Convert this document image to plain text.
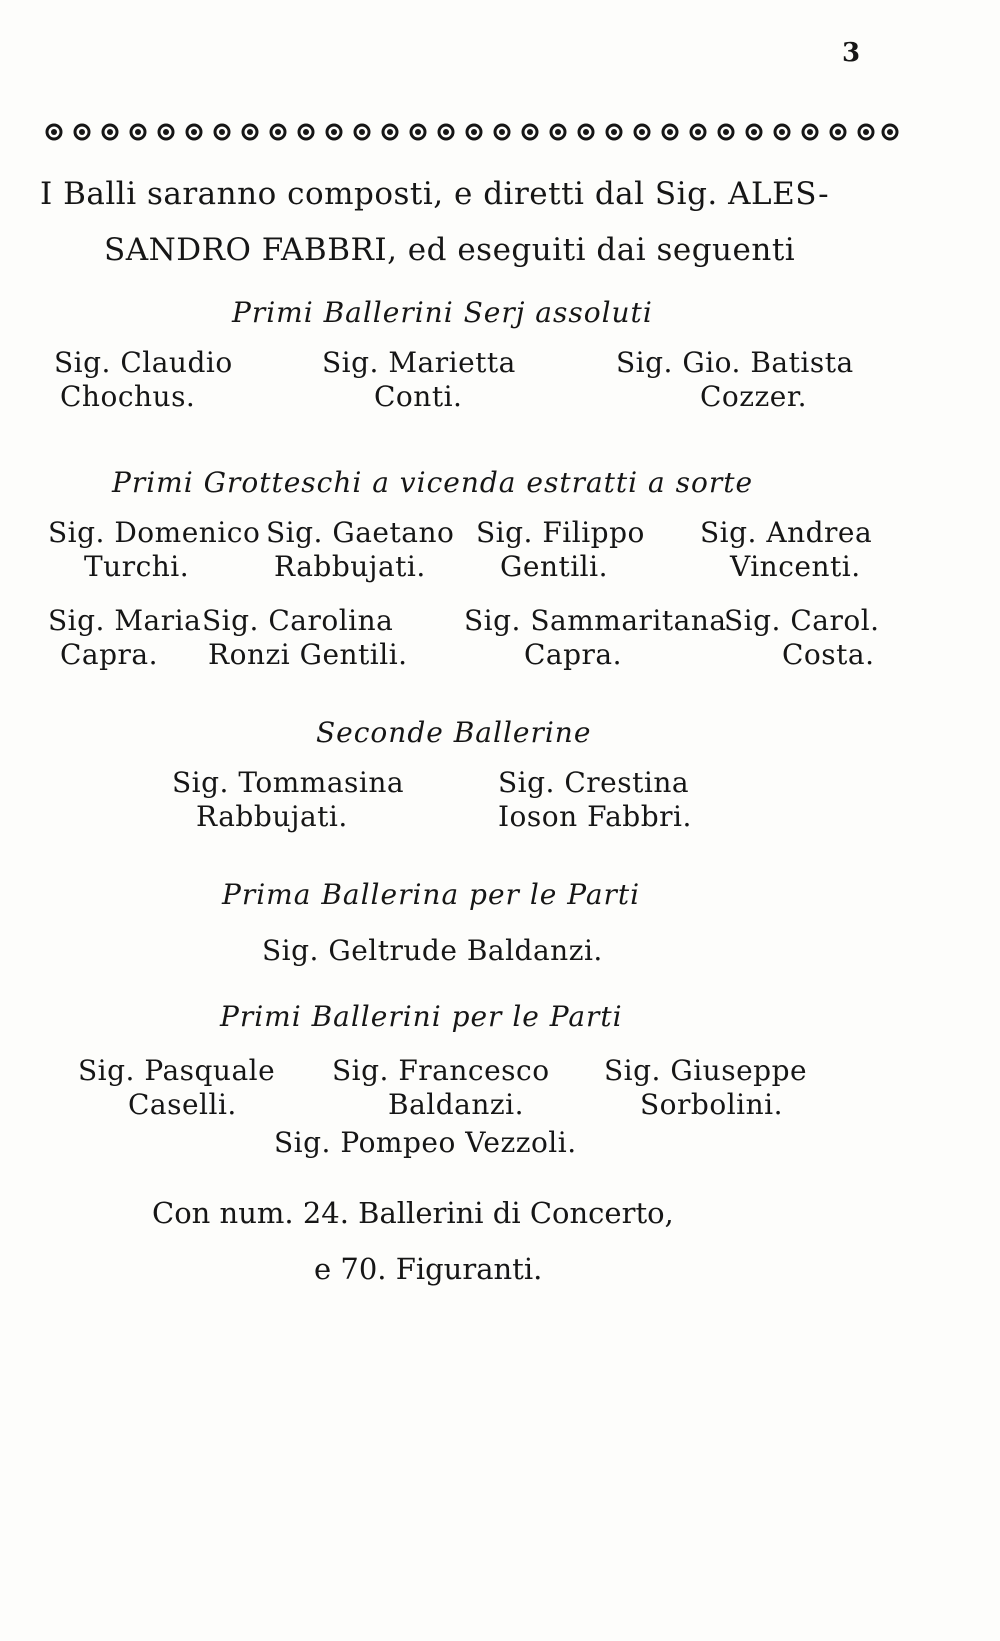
3
I Balli saranno composti, e diretti dal Sig. ALES-
SANDRO FABBRI, ed eseguiti dai seguenti
Primi Ballerini Serj assoluti
Sig. Claudio
Chochus.
Sig. Marietta
Conti.
Sig. Gio. Batista
Cozzer.
Primi Grotteschi a vicenda estratti a sorte
Sig. Domenico
Turchi.
Sig. Gaetano
Rabbujati.
Sig. Filippo
Gentili.
Sig. Andrea
Vincenti.
Sig. Maria
Capra.
Sig. Carolina
Ronzi Gentili.
Sig. Sammaritana
Capra.
Sig. Carol.
Costa.
Seconde Ballerine
Sig. Tommasina
Rabbujati.
Sig. Crestina
Ioson Fabbri.
Prima Ballerina per le Parti
Sig. Geltrude Baldanzi.
Primi Ballerini per le Parti
Sig. Pasquale
Caselli.
Sig. Francesco
Baldanzi.
Sig. Giuseppe
Sorbolini.
Sig. Pompeo Vezzoli.
Con num. 24. Ballerini di Concerto,
e 70. Figuranti.
